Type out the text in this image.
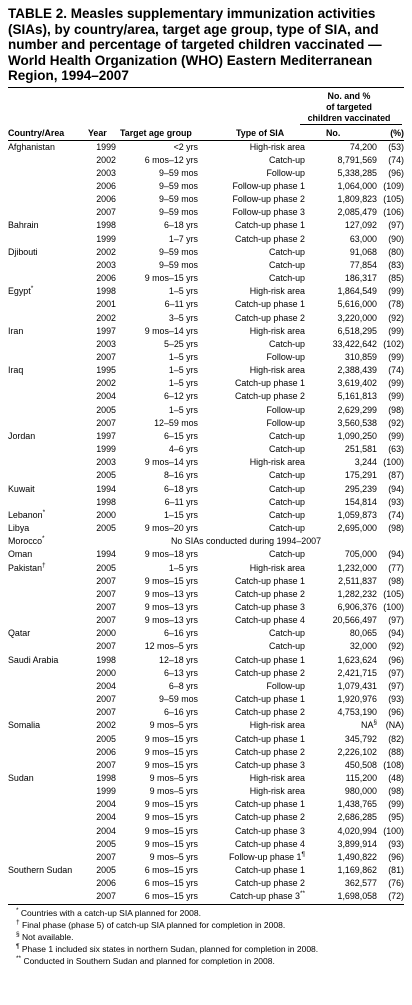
TABLE 2. Measles supplementary immunization activities (SIAs), by country/area, target age group, type of SIA, and number and percentage of targeted children vaccinated — World Health Organization (WHO) Eastern Mediterranean Region, 1994–2007
No. and %
of targeted
children vaccinated
Country/Area	Year Target age group	Type of SIA	No.	(%)
Afghanistan	1999	<2 yrs	High-risk area	74,200	(53)
	2002	6 mos–12 yrs	Catch-up	8,791,569	(74)
	2003	9–59 mos	Follow-up	5,338,285	(96)
	2006	9–59 mos	Follow-up phase 1	1,064,000	(109)
	2006	9–59 mos	Follow-up phase 2	1,809,823	(105)
	2007	9–59 mos	Follow-up phase 3	2,085,479	(106)
Bahrain	1998	6–18 yrs	Catch-up phase 1	127,092	(97)
	1999	1–7 yrs	Catch-up phase 2	63,000	(90)
Djibouti	2002	9–59 mos	Catch-up	91,068	(80)
	2003	9–59 mos	Catch-up	77,854	(83)
	2006	9 mos–15 yrs	Catch-up	186,317	(85)
Egypt*	1998	1–5 yrs	High-risk area	1,864,549	(99)
	2001	6–11 yrs	Catch-up phase 1	5,616,000	(78)
	2002	3–5 yrs	Catch-up phase 2	3,220,000	(92)
Iran	1997	9 mos–14 yrs	High-risk area	6,518,295	(99)
	2003	5–25 yrs	Catch-up	33,422,642	(102)
	2007	1–5 yrs	Follow-up	310,859	(99)
Iraq	1995	1–5 yrs	High-risk area	2,388,439	(74)
	2002	1–5 yrs	Catch-up phase 1	3,619,402	(99)
	2004	6–12 yrs	Catch-up phase 2	5,161,813	(99)
	2005	1–5 yrs	Follow-up	2,629,299	(98)
	2007	12–59 mos	Follow-up	3,560,538	(92)
Jordan	1997	6–15 yrs	Catch-up	1,090,250	(99)
	1999	4–6 yrs	Catch-up	251,581	(63)
	2003	9 mos–14 yrs	High-risk area	3,244	(100)
	2005	8–16 yrs	Catch-up	175,291	(87)
Kuwait	1994	6–18 yrs	Catch-up	295,239	(94)
	1998	6–11 yrs	Catch-up	154,814	(93)
Lebanon*	2000	1–15 yrs	Catch-up	1,059,873	(74)
Libya	2005	9 mos–20 yrs	Catch-up	2,695,000	(98)
Morocco*	No SIAs conducted during 1994–2007				
Oman	1994	9 mos–18 yrs	Catch-up	705,000	(94)
Pakistan†	2005	1–5 yrs	High-risk area	1,232,000	(77)
	2007	9 mos–15 yrs	Catch-up phase 1	2,511,837	(98)
	2007	9 mos–13 yrs	Catch-up phase 2	1,282,232	(105)
	2007	9 mos–13 yrs	Catch-up phase 3	6,906,376	(100)
	2007	9 mos–13 yrs	Catch-up phase 4	20,566,497	(97)
Qatar	2000	6–16 yrs	Catch-up	80,065	(94)
	2007	12 mos–5 yrs	Catch-up	32,000	(92)
Saudi Arabia	1998	12–18 yrs	Catch-up phase 1	1,623,624	(96)
	2000	6–13 yrs	Catch-up phase 2	2,421,715	(97)
	2004	6–8 yrs	Follow-up	1,079,431	(97)
	2007	9–59 mos	Catch-up phase 1	1,920,976	(93)
	2007	6–16 yrs	Catch-up phase 2	4,753,190	(96)
Somalia	2002	9 mos–5 yrs	High-risk area	NA§	(NA)
	2005	9 mos–15 yrs	Catch-up phase 1	345,792	(82)
	2006	9 mos–15 yrs	Catch-up phase 2	2,226,102	(88)
	2007	9 mos–15 yrs	Catch-up phase 3	450,508	(108)
Sudan	1998	9 mos–5 yrs	High-risk area	115,200	(48)
	1999	9 mos–5 yrs	High-risk area	980,000	(98)
	2004	9 mos–15 yrs	Catch-up phase 1	1,438,765	(99)
	2004	9 mos–15 yrs	Catch-up phase 2	2,686,285	(95)
	2004	9 mos–15 yrs	Catch-up phase 3	4,020,994	(100)
	2005	9 mos–15 yrs	Catch-up phase 4	3,899,914	(93)
	2007	9 mos–5 yrs	Follow-up phase 1¶	1,490,822	(96)
Southern Sudan	2005	6 mos–15 yrs	Catch-up phase 1	1,169,862	(81)
	2006	6 mos–15 yrs	Catch-up phase 2	362,577	(76)
	2007	6 mos–15 yrs	Catch-up phase 3**	1,698,058	(72)
* Countries with a catch-up SIA planned for 2008.
† Final phase (phase 5) of catch-up SIA planned for completion in 2008.
§ Not available.
¶ Phase 1 included six states in northern Sudan, planned for completion in 2008.
** Conducted in Southern Sudan and planned for completion in 2008.
